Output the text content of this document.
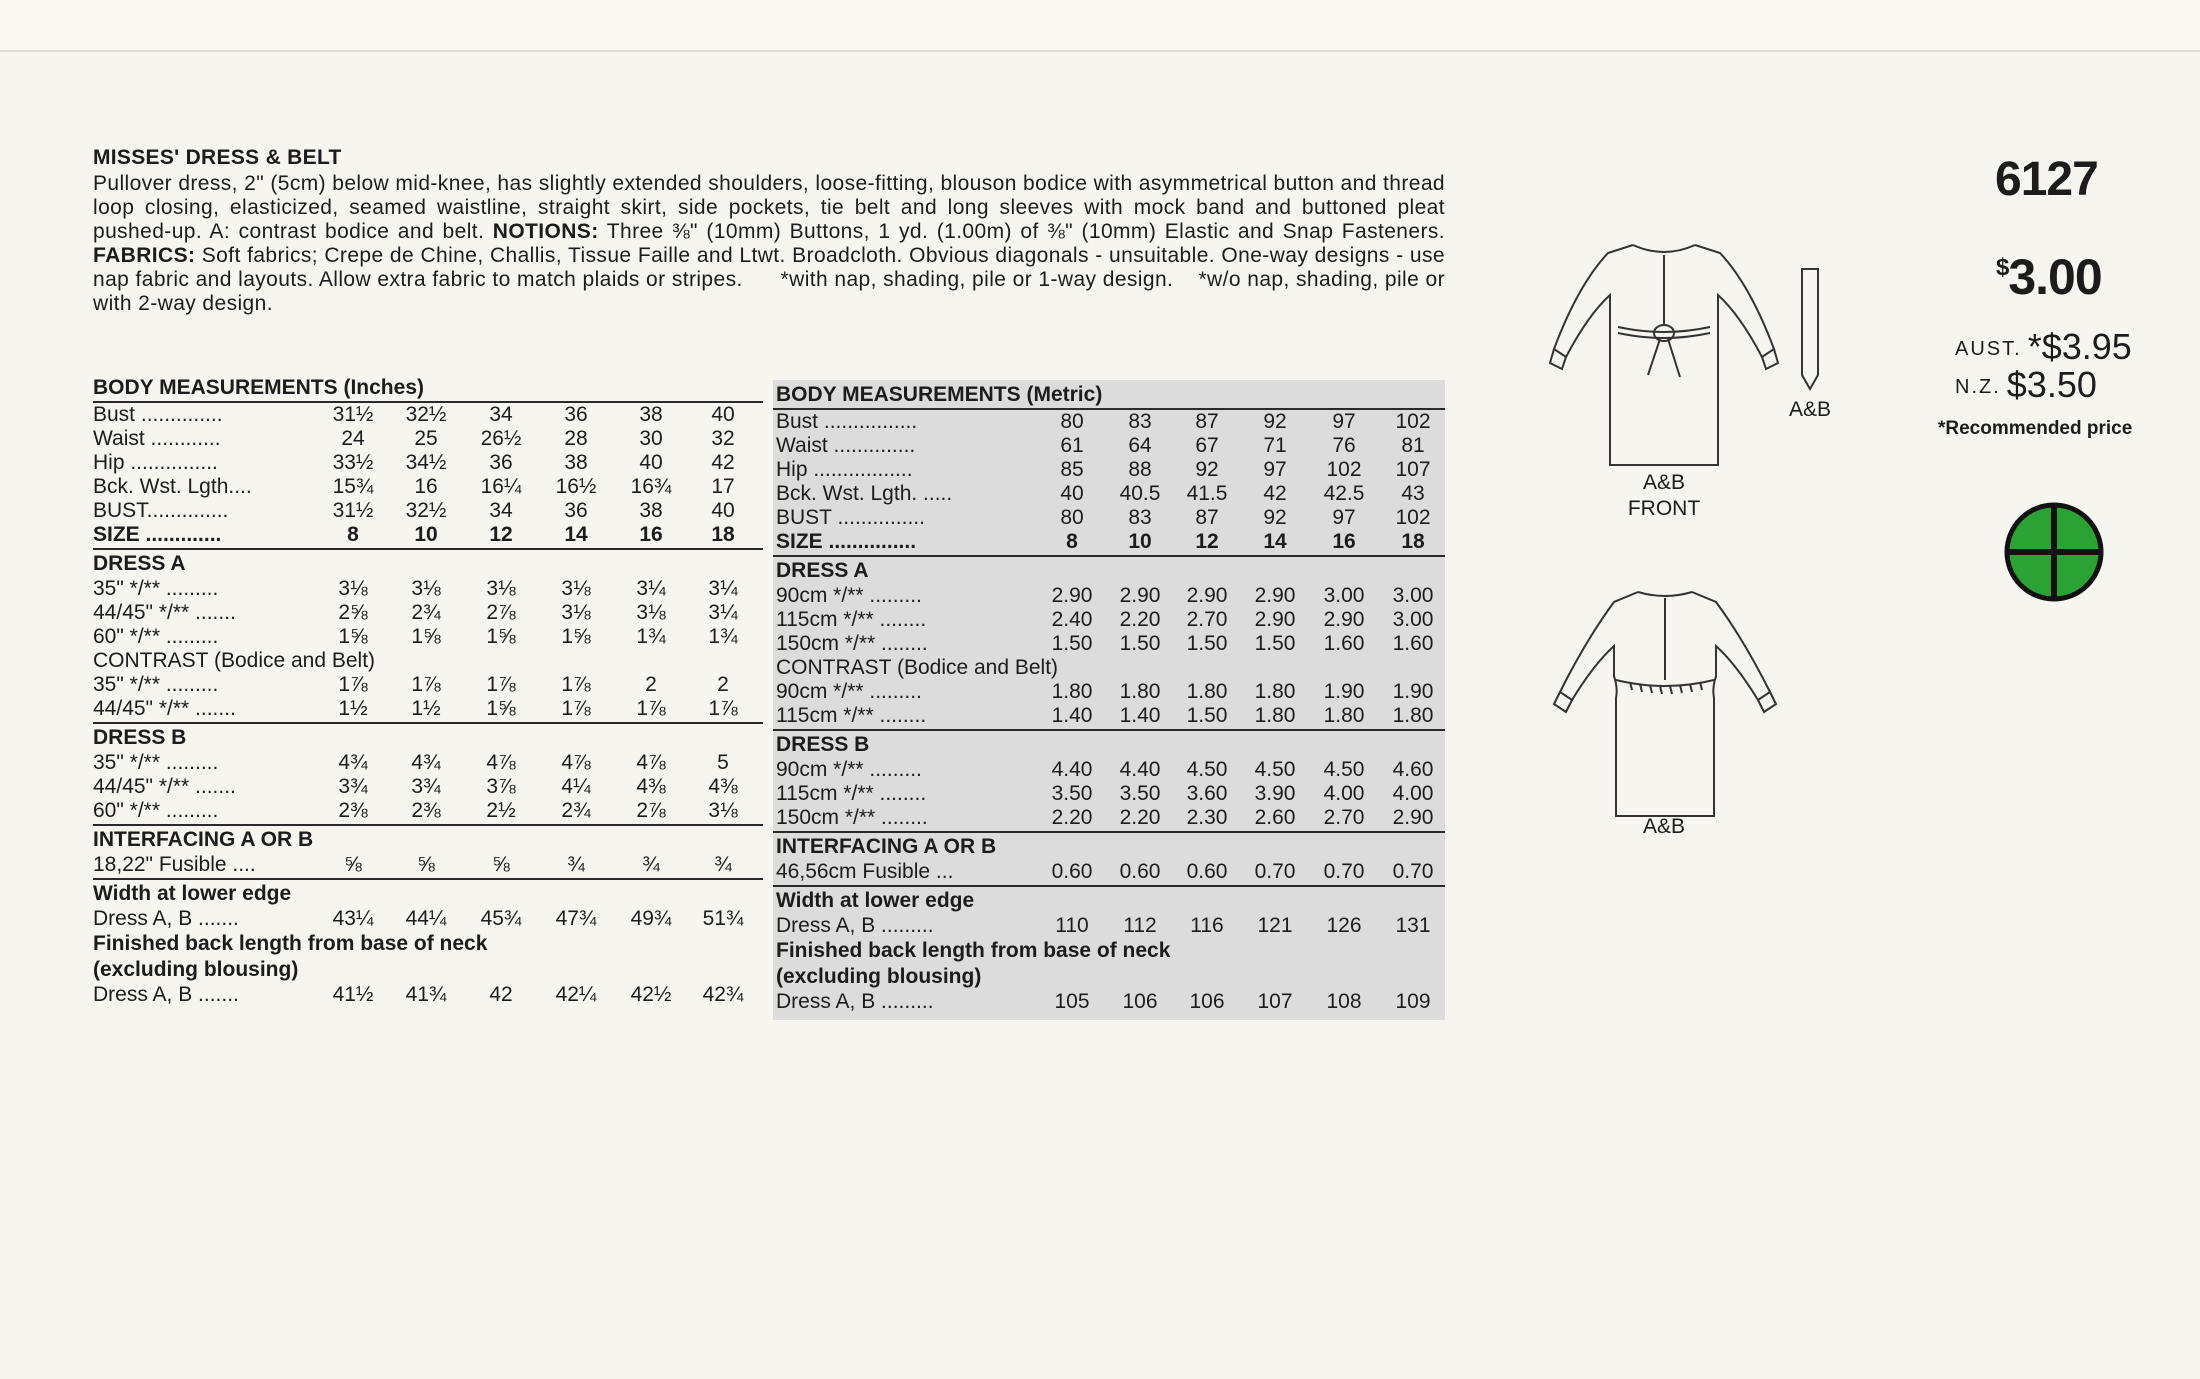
MISSES' DRESS & BELT

Pullover dress, 2" (5cm) below mid-knee, has slightly extended shoulders, loose-fitting, blouson bodice with asymmetrical button and thread loop closing, elasticized, seamed waistline, straight skirt, side pockets, tie belt and long sleeves with mock band and buttoned pleat pushed-up. A: contrast bodice and belt. NOTIONS: Three ⅜" (10mm) Buttons, 1 yd. (1.00m) of ⅜" (10mm) Elastic and Snap Fasteners. FABRICS: Soft fabrics; Crepe de Chine, Challis, Tissue Faille and Ltwt. Broadcloth. Obvious diagonals - unsuitable. One-way designs - use nap fabric and layouts. Allow extra fabric to match plaids or stripes. *with nap, shading, pile or 1-way design. *w/o nap, shading, pile or with 2-way design.

BODY MEASUREMENTS (Inches)
Bust ..............	31½	32½	34	36	38	40
Waist ............	24	25	26½	28	30	32
Hip ...............	33½	34½	36	38	40	42
Bck. Wst. Lgth....	15¾	16	16¼	16½	16¾	17
BUST..............	31½	32½	34	36	38	40
SIZE .............	8	10	12	14	16	18
DRESS A
35" */** .........	3⅛	3⅛	3⅛	3⅛	3¼	3¼
44/45" */** .......	2⅝	2¾	2⅞	3⅛	3⅛	3¼
60" */** .........	1⅝	1⅝	1⅝	1⅝	1¾	1¾
CONTRAST (Bodice and Belt)
35" */** .........	1⅞	1⅞	1⅞	1⅞	2	2
44/45" */** .......	1½	1½	1⅝	1⅞	1⅞	1⅞
DRESS B
35" */** .........	4¾	4¾	4⅞	4⅞	4⅞	5
44/45" */** .......	3¾	3¾	3⅞	4¼	4⅜	4⅜
60" */** .........	2⅜	2⅜	2½	2¾	2⅞	3⅛
INTERFACING A OR B
18,22" Fusible ....	⅝	⅝	⅝	¾	¾	¾
Width at lower edge
Dress A, B .......	43¼	44¼	45¾	47¾	49¾	51¾
Finished back length from base of neck
(excluding blousing)
Dress A, B .......	41½	41¾	42	42¼	42½	42¾
BODY MEASUREMENTS (Metric)
Bust ................	80	83	87	92	97	102
Waist ..............	61	64	67	71	76	81
Hip .................	85	88	92	97	102	107
Bck. Wst. Lgth. .....	40	40.5	41.5	42	42.5	43
BUST ...............	80	83	87	92	97	102
SIZE ...............	8	10	12	14	16	18
DRESS A
90cm */** .........	2.90	2.90	2.90	2.90	3.00	3.00
115cm */** ........	2.40	2.20	2.70	2.90	2.90	3.00
150cm */** ........	1.50	1.50	1.50	1.50	1.60	1.60
CONTRAST (Bodice and Belt)
90cm */** .........	1.80	1.80	1.80	1.80	1.90	1.90
115cm */** ........	1.40	1.40	1.50	1.80	1.80	1.80
DRESS B
90cm */** .........	4.40	4.40	4.50	4.50	4.50	4.60
115cm */** ........	3.50	3.50	3.60	3.90	4.00	4.00
150cm */** ........	2.20	2.20	2.30	2.60	2.70	2.90
INTERFACING A OR B
46,56cm Fusible ...	0.60	0.60	0.60	0.70	0.70	0.70
Width at lower edge
Dress A, B .........	110	112	116	121	126	131
Finished back length from base of neck
(excluding blousing)
Dress A, B .........	105	106	106	107	108	109
6127
$3.00
AUST. *$3.95
N.Z. $3.50
*Recommended price
A&B
FRONT
A&B
A&B
